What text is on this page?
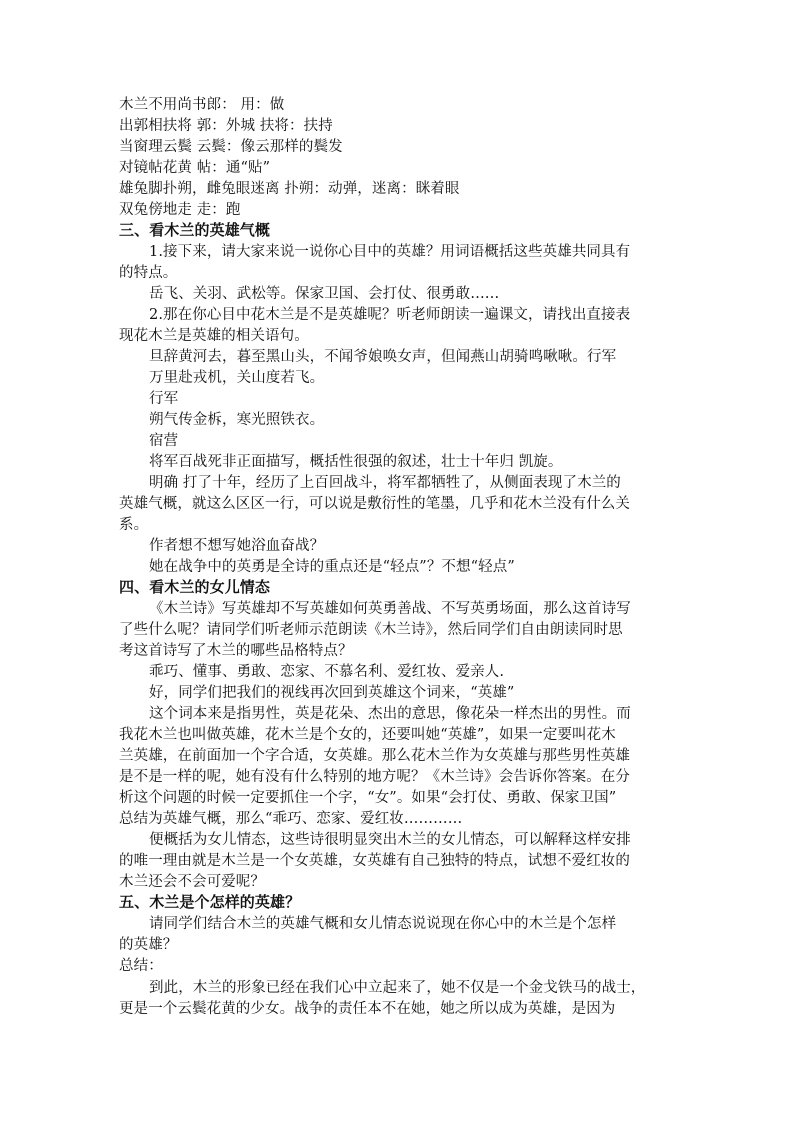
木兰不用尚书郎： 用：做
出郭相扶将 郭：外城 扶将：扶持
当窗理云鬓 云鬓：像云那样的鬓发
对镜帖花黄 帖：通“贴”
雄兔脚扑朔，雌兔眼迷离 扑朔：动弹，迷离：眯着眼
双兔傍地走 走：跑
三、看木兰的英雄气概
1.接下来，请大家来说一说你心目中的英雄？用词语概括这些英雄共同具有
的特点。
岳飞、关羽、武松等。保家卫国、会打仗、很勇敢……
2.那在你心目中花木兰是不是英雄呢？听老师朗读一遍课文，请找出直接表
现花木兰是英雄的相关语句。
旦辞黄河去，暮至黑山头，不闻爷娘唤女声，但闻燕山胡骑鸣啾啾。行军
万里赴戎机，关山度若飞。
行军
朔气传金柝，寒光照铁衣。
宿营
将军百战死非正面描写，概括性很强的叙述，壮士十年归 凯旋。
明确 打了十年，经历了上百回战斗，将军都牺牲了，从侧面表现了木兰的
英雄气概，就这么区区一行，可以说是敷衍性的笔墨，几乎和花木兰没有什么关
系。
作者想不想写她浴血奋战？
她在战争中的英勇是全诗的重点还是“轻点”？不想“轻点”
四、看木兰的女儿情态
《木兰诗》写英雄却不写英雄如何英勇善战、不写英勇场面，那么这首诗写
了些什么呢？请同学们听老师示范朗读《木兰诗》，然后同学们自由朗读同时思
考这首诗写了木兰的哪些品格特点？
乖巧、懂事、勇敢、恋家、不慕名利、爱红妆、爱亲人.
好，同学们把我们的视线再次回到英雄这个词来，“英雄”
这个词本来是指男性，英是花朵、杰出的意思，像花朵一样杰出的男性。而
我花木兰也叫做英雄，花木兰是个女的，还要叫她“英雄”，如果一定要叫花木
兰英雄，在前面加一个字合适，女英雄。那么花木兰作为女英雄与那些男性英雄
是不是一样的呢，她有没有什么特别的地方呢？《木兰诗》会告诉你答案。在分
析这个问题的时候一定要抓住一个字，“女”。如果“会打仗、勇敢、保家卫国”
总结为英雄气概，那么“乖巧、恋家、爱红妆…………
便概括为女儿情态，这些诗很明显突出木兰的女儿情态，可以解释这样安排
的唯一理由就是木兰是一个女英雄，女英雄有自己独特的特点，试想不爱红妆的
木兰还会不会可爱呢？
五、木兰是个怎样的英雄？
请同学们结合木兰的英雄气概和女儿情态说说现在你心中的木兰是个怎样
的英雄？
总结：
到此，木兰的形象已经在我们心中立起来了，她不仅是一个金戈铁马的战士，
更是一个云鬓花黄的少女。战争的责任本不在她，她之所以成为英雄，是因为
